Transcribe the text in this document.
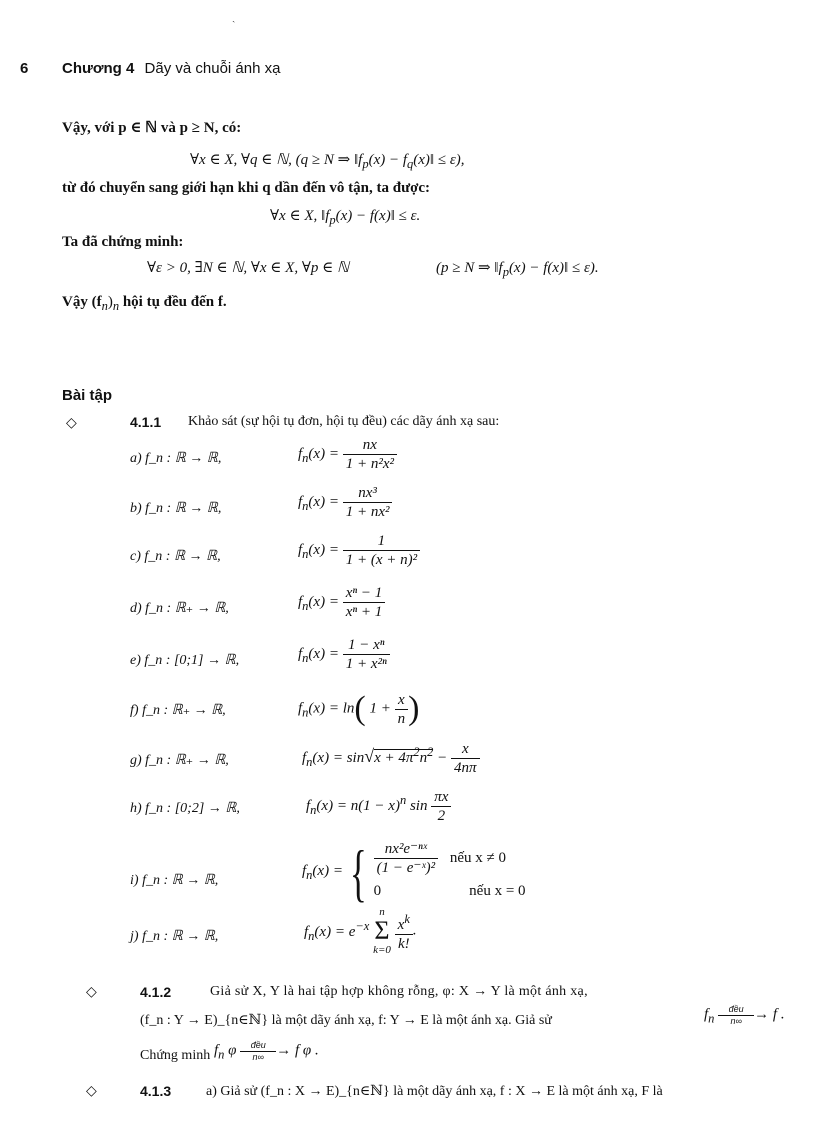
6 Chương 4 Dãy và chuỗi ánh xạ
ˎ
Vậy, với p ∈ ℕ và p ≥ N, có:
∀x ∈ X, ∀q ∈ ℕ, (q ≥ N ⇒ $‖f_p(x)$ − $f_q(x)‖ \le \varepsilon$),
từ đó chuyển sang giới hạn khi q dần đến vô tận, ta được:
∀x ∈ X, $‖f_p(x)$ − f(x)‖ ≤ ε.
Ta đã chứng minh:
∀ε > 0, ∃N ∈ ℕ, ∀x ∈ X, ∀p ∈ ℕ	(p ≥ N ⇒ $‖f_p(x)$ − f(x)‖ ≤ ε).
Vậy $(f_n)_n$ hội tụ đều đến f.
Bài tập
◇	4.1.1 Khảo sát (sự hội tụ đơn, hội tụ đều) các dãy ánh xạ sau:
a) f_n : ℝ → ℝ,	$f_n(x) = \frac{nx}{\text{1 + n²x²}}$
b) f_n : ℝ → ℝ,	$f_n(x) = \frac{\text{nx³}}{\text{1 + nx²}}$
c) f_n : ℝ → ℝ,	$f_n(x) = \frac{1}{\text{1 + (x + n)²}}$
d) f_n : ℝ₊ → ℝ,	$f_n(x) = \frac{\text{xⁿ − 1}}{\text{xⁿ + 1}}$
e) f_n : [0;1] → ℝ,	$f_n(x) = \frac{\text{1 − xⁿ}}{\text{1 + x²ⁿ}}$
f) f_n : ℝ₊ → ℝ,	$f_n(x) = \ln$( $1 + \frac{x}{n}$ )
g) f_n : ℝ₊ → ℝ,	$f_n(x) = \sin√x + 4\pi^2n^2 - \frac{x}{4n\pi}$
h) f_n : [0;2] → ℝ,	$f_n(x) = n(1 - x)^n$ $\sin \frac{\pi x}{2}$
i) f_n : ℝ → ℝ,
$f_n(x)$ = { $\frac{\text{nx²e⁻ⁿˣ}}{\text{(1 − e⁻ˣ)²}}$ nếu x ≠ 0
0	nếu x = 0
j) f_n : ℝ → ℝ,	$f_n(x) = e^{-x}$
n
Σ
k=0
$\frac{x^k}{k!}$ .
◇	4.1.2	Giả sử X, Y là hai tập hợp không rỗng, φ: X → Y là một ánh xạ,
(f_n : Y → E)_{n∈ℕ} là một dãy ánh xạ, f: Y → E là một ánh xạ. Giả sử	$f_n$
đều
n∞ → f .
Chứng minh $f_n$ φ	đều
n∞ → f φ .
◇	4.1.3 a) Giả sử (f_n : X → E)_{n∈ℕ} là một dãy ánh xạ, f : X → E là một ánh xạ, F là
